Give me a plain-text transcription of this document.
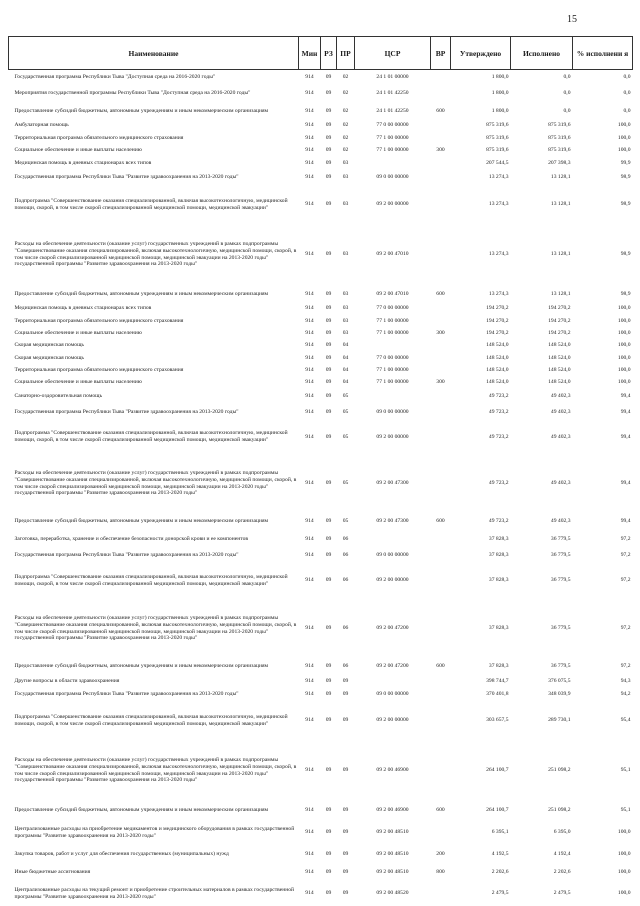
15
Наименование	Мин	РЗ	ПР	ЦСР	ВР	Утверждено	Исполнено	% исполнени я
Государственная программа Республики Тыва "Доступная среда на 2016-2020 годы"	914	09	02	24 1 01 00000		1 800,0	0,0	0,0
Мероприятия государственной программы Республики Тыва "Доступная среда на 2016-2020 годы"	914	09	02	24 1 01 42250		1 800,0	0,0	0,0
Предоставление субсидий бюджетным, автономным учреждениям и иным некоммерческим организациям	914	09	02	24 1 01 42250	600	1 800,0	0,0	0,0
Амбулаторная помощь	914	09	02	77 0 00 00000		875 319,6	875 319,6	100,0
Территориальная программа обязательного медицинского страхования	914	09	02	77 1 00 00000		875 319,6	875 319,6	100,0
Социальное обеспечение и иные выплаты населению	914	09	02	77 1 00 00000	300	875 319,6	875 319,6	100,0
Медицинская помощь в дневных стационарах всех типов	914	09	03			207 544,5	207 398,3	99,9
Государственная программа Республики Тыва "Развитие здравоохранения на 2013-2020 годы"	914	09	03	09 0 00 00000		13 274,3	13 128,1	98,9
Подпрограмма "Совершенствование оказания специализированной, включая высокотехнологичную, медицинской помощи, скорой, в том числе скорой специализированной медицинской помощи, медицинской эвакуации"	914	09	03	09 2 00 00000		13 274,3	13 128,1	98,9
Расходы на обеспечение деятельности (оказание услуг) государственных учреждений в рамках подпрограммы "Совершенствование оказания специализированной, включая высокотехнологичную, медицинской помощи, скорой, в том числе скорой специализированной медицинской помощи, медицинской эвакуации на 2013-2020 годы" государственной программы "Развитие здравоохранения на 2013-2020 годы"	914	09	03	09 2 00 47010		13 274,3	13 128,1	98,9
Предоставление субсидий бюджетным, автономным учреждениям и иным некоммерческим организациям	914	09	03	09 2 00 47010	600	13 274,3	13 128,1	98,9
Медицинская помощь в дневных стационарах всех типов	914	09	03	77 0 00 00000		194 270,2	194 270,2	100,0
Территориальная программа обязательного медицинского страхования	914	09	03	77 1 00 00000		194 270,2	194 270,2	100,0
Социальное обеспечение и иные выплаты населению	914	09	03	77 1 00 00000	300	194 270,2	194 270,2	100,0
Скорая медицинская помощь	914	09	04			148 524,0	148 524,0	100,0
Скорая медицинская помощь	914	09	04	77 0 00 00000		148 524,0	148 524,0	100,0
Территориальная программа обязательного медицинского страхования	914	09	04	77 1 00 00000		148 524,0	148 524,0	100,0
Социальное обеспечение и иные выплаты населению	914	09	04	77 1 00 00000	300	148 524,0	148 524,0	100,0
Санаторно-оздоровительная помощь	914	09	05			49 723,2	49 402,3	99,4
Государственная программа Республики Тыва "Развитие здравоохранения на 2013-2020 годы"	914	09	05	09 0 00 00000		49 723,2	49 402,3	99,4
Подпрограмма "Совершенствование оказания специализированной, включая высокотехнологичную, медицинской помощи, скорой, в том числе скорой специализированной медицинской помощи, медицинской эвакуации"	914	09	05	09 2 00 00000		49 723,2	49 402,3	99,4
Расходы на обеспечение деятельности (оказание услуг) государственных учреждений в рамках подпрограммы "Совершенствование оказания специализированной, включая высокотехнологичную, медицинской помощи, скорой, в том числе скорой специализированной медицинской помощи, медицинской эвакуации на 2013-2020 годы" государственной программы "Развитие здравоохранения на 2013-2020 годы"	914	09	05	09 2 00 47300		49 723,2	49 402,3	99,4
Предоставление субсидий бюджетным, автономным учреждениям и иным некоммерческим организациям	914	09	05	09 2 00 47300	600	49 723,2	49 402,3	99,4
Заготовка, переработка, хранение и обеспечение безопасности донорской крови и ее компонентов	914	09	06			37 828,3	36 779,5	97,2
Государственная программа Республики Тыва "Развитие здравоохранения на 2013-2020 годы"	914	09	06	09 0 00 00000		37 828,3	36 779,5	97,2
Подпрограмма "Совершенствование оказания специализированной, включая высокотехнологичную, медицинской помощи, скорой, в том числе скорой специализированной медицинской помощи, медицинской эвакуации"	914	09	06	09 2 00 00000		37 828,3	36 779,5	97,2
Расходы на обеспечение деятельности (оказание услуг) государственных учреждений в рамках подпрограммы "Совершенствование оказания специализированной, включая высокотехнологичную, медицинской помощи, скорой, в том числе скорой специализированной медицинской помощи, медицинской эвакуации на 2013-2020 годы" государственной программы "Развитие здравоохранения на 2013-2020 годы"	914	09	06	09 2 00 47200		37 828,3	36 779,5	97,2
Предоставление субсидий бюджетным, автономным учреждениям и иным некоммерческим организациям	914	09	06	09 2 00 47200	600	37 828,3	36 779,5	97,2
Другие вопросы в области здравоохранения	914	09	09			398 744,7	376 075,5	94,3
Государственная программа Республики Тыва "Развитие здравоохранения на 2013-2020 годы"	914	09	09	09 0 00 00000		370 401,8	348 039,9	94,2
Подпрограмма "Совершенствование оказания специализированной, включая высокотехнологичную, медицинской помощи, скорой, в том числе скорой специализированной медицинской помощи, медицинской эвакуации"	914	09	09	09 2 00 00000		303 657,5	289 730,1	95,4
Расходы на обеспечение деятельности (оказание услуг) государственных учреждений в рамках подпрограммы "Совершенствование оказания специализированной, включая высокотехнологичную, медицинской помощи, скорой, в том числе скорой специализированной медицинской помощи, медицинской эвакуации на 2013-2020 годы" государственной программы "Развитие здравоохранения на 2013-2020 годы"	914	09	09	09 2 00 46900		264 100,7	251 098,2	95,1
Предоставление субсидий бюджетным, автономным учреждениям и иным некоммерческим организациям	914	09	09	09 2 00 46900	600	264 100,7	251 098,2	95,1
Централизованные расходы на приобретение медикаментов и медицинского оборудования в рамках государственной программы "Развитие здравоохранения на 2013-2020 годы"	914	09	09	09 2 00 48510		6 395,1	6 395,0	100,0
Закупка товаров, работ и услуг для обеспечения государственных (муниципальных) нужд	914	09	09	09 2 00 48510	200	4 192,5	4 192,4	100,0
Иные бюджетные ассигнования	914	09	09	09 2 00 48510	800	2 202,6	2 202,6	100,0
Централизованные расходы на текущий ремонт и приобретение строительных материалов в рамках государственной программы "Развитие здравоохранения на 2013-2020 годы"	914	09	09	09 2 00 48520		2 479,5	2 479,5	100,0
